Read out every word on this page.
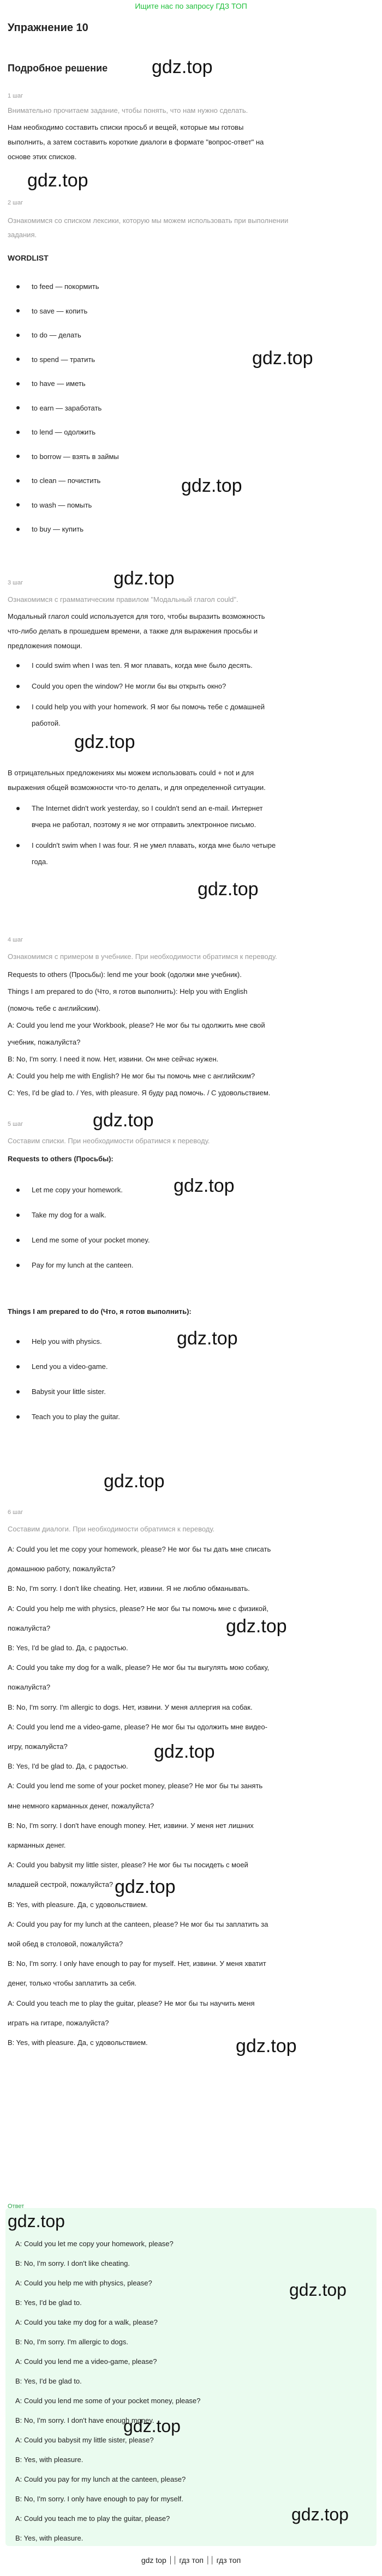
Ищите нас по запросу ГДЗ ТОП
Упражнение 10
gdz.top
Подробное решение
1 шаг
Внимательно прочитаем задание, чтобы понять, что нам нужно сделать.
Нам необходимо составить списки просьб и вещей, которые мы готовы
выполнить, а затем составить короткие диалоги в формате "вопрос-ответ" на
основе этих списков.
gdz.top
2 шаг
Ознакомимся со списком лексики, которую мы можем использовать при выполнении
задания.
WORDLIST
to feed — покормить
to save — копить
to do — делать
to spend — тратить
to have — иметь
to earn — заработать
to lend — одолжить
to borrow — взять в займы
to clean — почистить
to wash — помыть
to buy — купить
gdz.top
gdz.top
gdz.top
3 шаг
Ознакомимся с грамматическим правилом "Модальный глагол could".
Модальный глагол could используется для того, чтобы выразить возможность
что-либо делать в прошедшем времени, а также для выражения просьбы и
предложения помощи.
I could swim when I was ten. Я мог плавать, когда мне было десять.
Could you open the window? Не могли бы вы открыть окно?
I could help you with your homework. Я мог бы помочь тебе с домашней
работой.
gdz.top
В отрицательных предложениях мы можем использовать could + not и для
выражения общей возможности что-то делать, и для определенной ситуации.
The Internet didn't work yesterday, so I couldn't send an e-mail. Интернет
вчера не работал, поэтому я не мог отправить электронное письмо.
I couldn't swim when I was four. Я не умел плавать, когда мне было четыре
года.
gdz.top
4 шаг
Ознакомимся с примером в учебнике. При необходимости обратимся к переводу.
Requests to others (Просьбы): lend me your book (одолжи мне учебник).
Things I am prepared to do (Что, я готов выполнить): Help you with English
(помочь тебе с английским).
A: Could you lend me your Workbook, please? Не мог бы ты одолжить мне свой
учебник, пожалуйста?
B: No, I'm sorry. I need it now. Нет, извини. Он мне сейчас нужен.
A: Could you help me with English? Не мог бы ты помочь мне с английским?
C: Yes, I'd be glad to. / Yes, with pleasure. Я буду рад помочь. / С удовольствием.
gdz.top
5 шаг
Составим списки. При необходимости обратимся к переводу.
Requests to others (Просьбы):
Let me copy your homework.
Take my dog for a walk.
Lend me some of your pocket money.
Pay for my lunch at the canteen.
gdz.top
Things I am prepared to do (Что, я готов выполнить):
Help you with physics.
Lend you a video-game.
Babysit your little sister.
Teach you to play the guitar.
gdz.top
gdz.top
6 шаг
Составим диалоги. При необходимости обратимся к переводу.
A: Could you let me copy your homework, please? Не мог бы ты дать мне списать
домашнюю работу, пожалуйста?
B: No, I'm sorry. I don't like cheating. Нет, извини. Я не люблю обманывать.
A: Could you help me with physics, please? Не мог бы ты помочь мне с физикой,
пожалуйста?
B: Yes, I'd be glad to. Да, с радостью.
A: Could you take my dog for a walk, please? Не мог бы ты выгулять мою собаку,
пожалуйста?
B: No, I'm sorry. I'm allergic to dogs. Нет, извини. У меня аллергия на собак.
A: Could you lend me a video-game, please? Не мог бы ты одолжить мне видео-
игру, пожалуйста?
B: Yes, I'd be glad to. Да, с радостью.
A: Could you lend me some of your pocket money, please? Не мог бы ты занять
мне немного карманных денег, пожалуйста?
B: No, I'm sorry. I don't have enough money. Нет, извини. У меня нет лишних
карманных денег.
A: Could you babysit my little sister, please? Не мог бы ты посидеть с моей
младшей сестрой, пожалуйста?
B: Yes, with pleasure. Да, с удовольствием.
A: Could you pay for my lunch at the canteen, please? Не мог бы ты заплатить за
мой обед в столовой, пожалуйста?
B: No, I'm sorry. I only have enough to pay for myself. Нет, извини. У меня хватит
денег, только чтобы заплатить за себя.
A: Could you teach me to play the guitar, please? Не мог бы ты научить меня
играть на гитаре, пожалуйста?
B: Yes, with pleasure. Да, с удовольствием.
gdz.top
gdz.top
gdz.top
gdz.top
Ответ
gdz.top
A: Could you let me copy your homework, please?
B: No, I'm sorry. I don't like cheating.
A: Could you help me with physics, please?
B: Yes, I'd be glad to.
A: Could you take my dog for a walk, please?
B: No, I'm sorry. I'm allergic to dogs.
A: Could you lend me a video-game, please?
B: Yes, I'd be glad to.
A: Could you lend me some of your pocket money, please?
B: No, I'm sorry. I don't have enough money.
A: Could you babysit my little sister, please?
B: Yes, with pleasure.
A: Could you pay for my lunch at the canteen, please?
B: No, I'm sorry. I only have enough to pay for myself.
A: Could you teach me to play the guitar, please?
B: Yes, with pleasure.
gdz.top
gdz.top
gdz.top
gdz top ⏐⏐ гдз топ ⏐⏐ гдз топ
